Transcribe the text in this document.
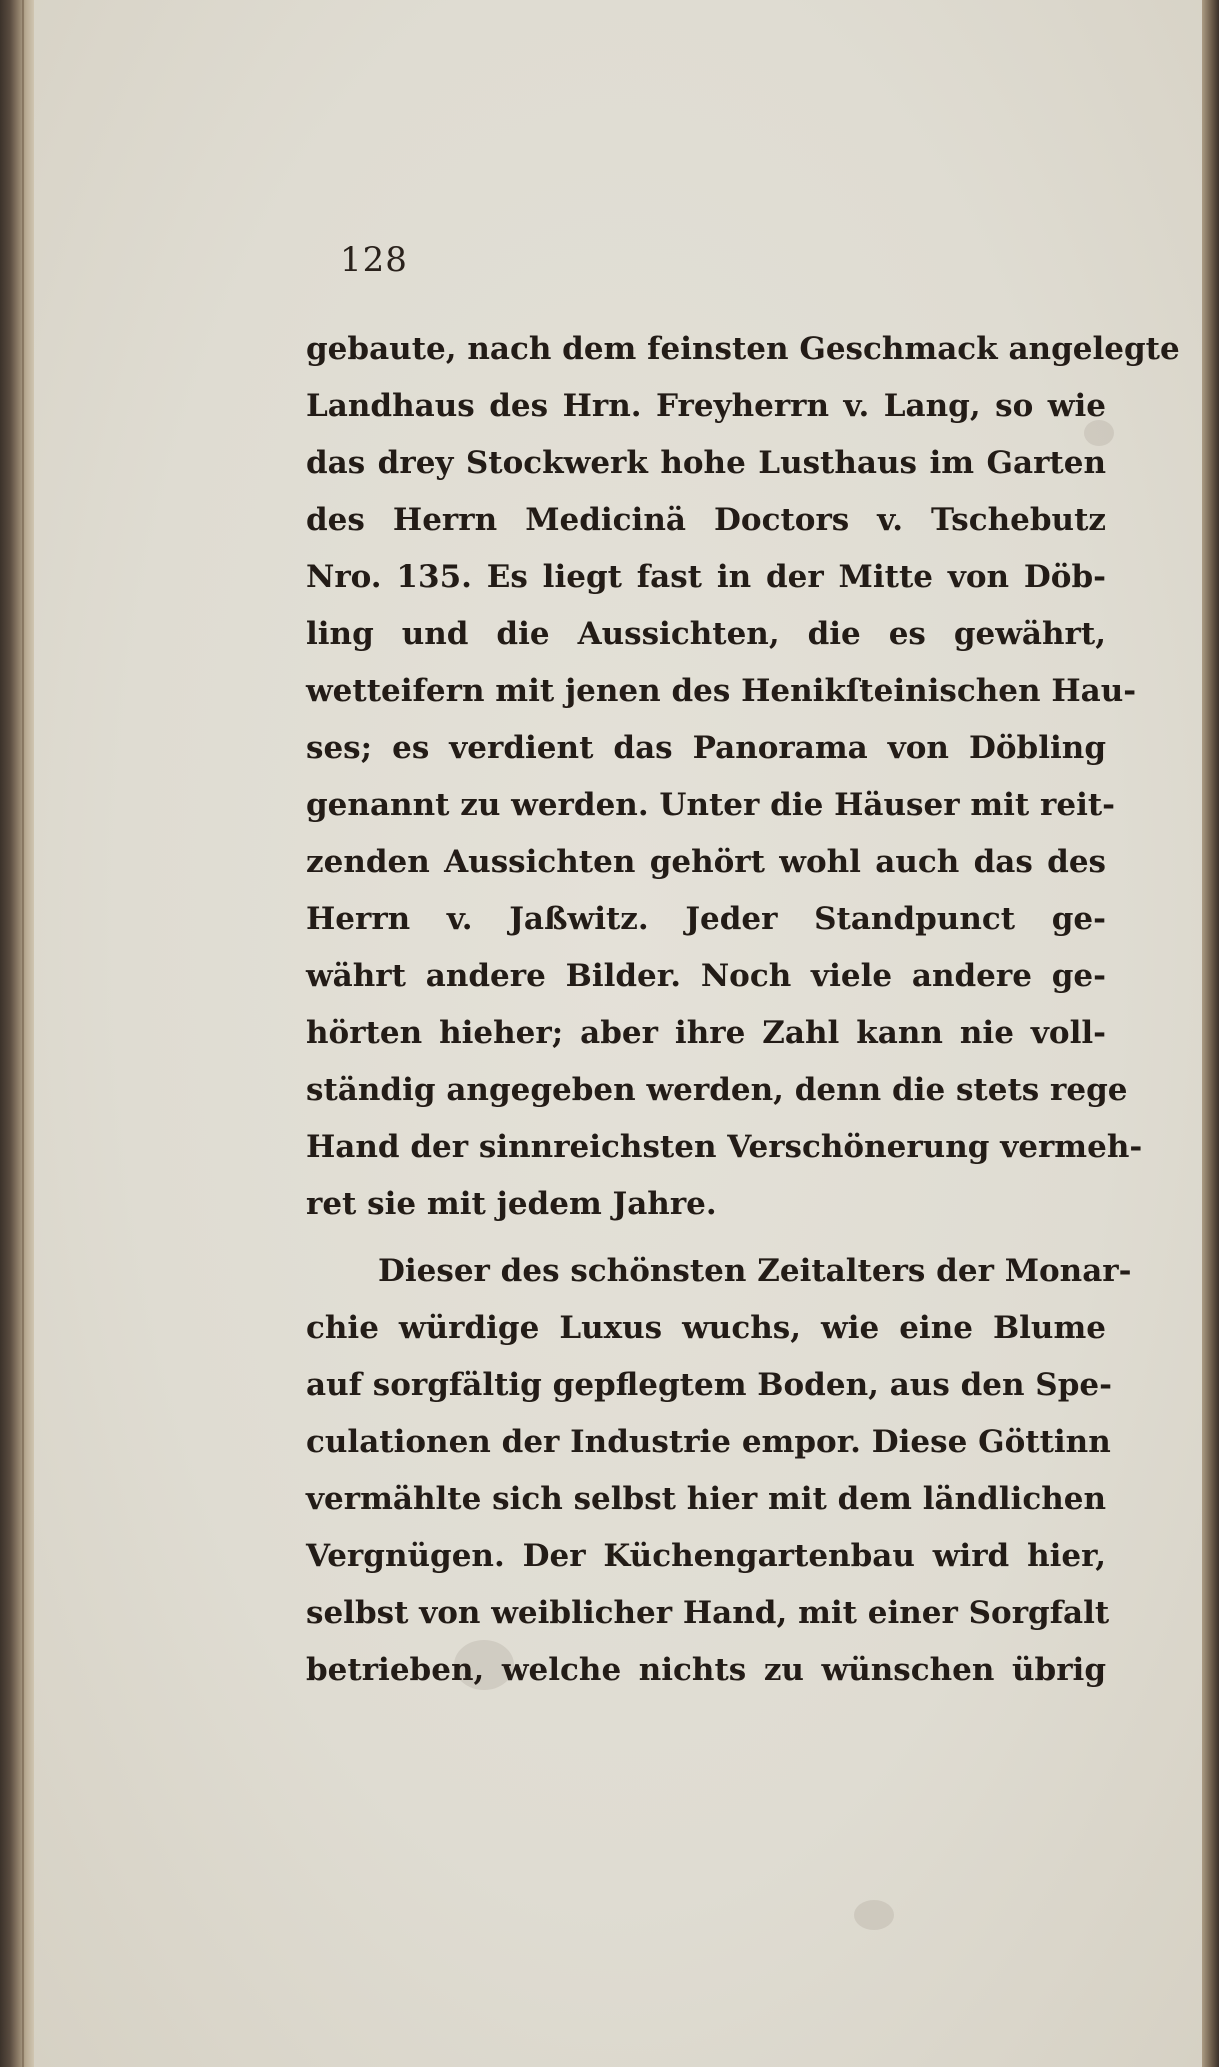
128
gebaute, nach dem feinsten Geschmack angelegte
Landhaus des Hrn. Freyherrn v. Lang, so wie
das drey Stockwerk hohe Lusthaus im Garten
des Herrn Medicinä Doctors v. Tschebutz
Nro. 135. Es liegt fast in der Mitte von Döb-
ling und die Aussichten, die es gewährt,
wetteifern mit jenen des Henikſteinischen Hau-
ses; es verdient das Panorama von Döbling
genannt zu werden. Unter die Häuser mit reit-
zenden Aussichten gehört wohl auch das des
Herrn v. Jaßwitz. Jeder Standpunct ge-
währt andere Bilder. Noch viele andere ge-
hörten hieher; aber ihre Zahl kann nie voll-
ständig angegeben werden, denn die stets rege
Hand der sinnreichsten Verschönerung vermeh-
ret sie mit jedem Jahre.
Dieser des schönsten Zeitalters der Monar-
chie würdige Luxus wuchs, wie eine Blume
auf sorgfältig gepflegtem Boden, aus den Spe-
culationen der Industrie empor. Diese Göttinn
vermählte sich selbst hier mit dem ländlichen
Vergnügen. Der Küchengartenbau wird hier,
selbst von weiblicher Hand, mit einer Sorgfalt
betrieben, welche nichts zu wünschen übrig
